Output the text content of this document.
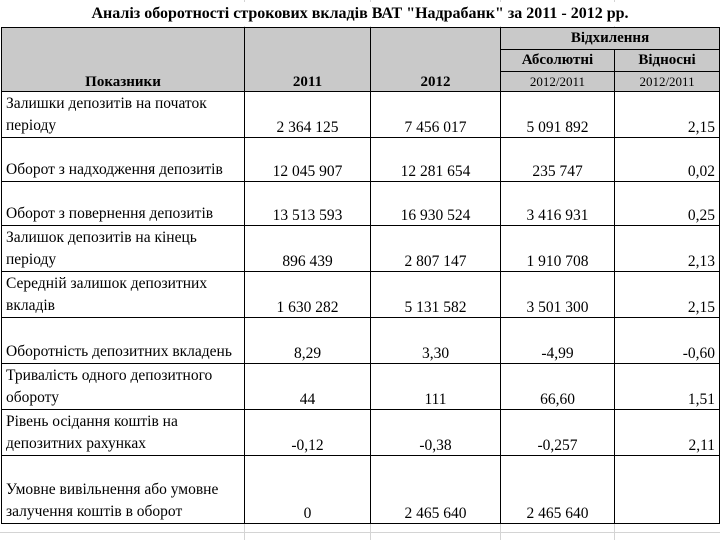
Аналіз оборотності строкових вкладів ВАТ "Надрабанк" за 2011 - 2012 рр.
Показники	2011	2012	Відхилення	
			Абсолютні	Відносні
			2012/2011	2012/2011
Залишки депозитів на початок періоду	2 364 125	7 456 017	5 091 892	2,15
Оборот з надходження депозитів	12 045 907	12 281 654	235 747	0,02
Оборот з повернення депозитів	13 513 593	16 930 524	3 416 931	0,25
Залишок депозитів на кінець періоду	896 439	2 807 147	1 910 708	2,13
Середній залишок депозитних вкладів	1 630 282	5 131 582	3 501 300	2,15
Оборотність депозитних вкладень	8,29	3,30	-4,99	-0,60
Тривалість одного депозитного обороту	44	111	66,60	1,51
Рівень осідання коштів на депозитних рахунках	-0,12	-0,38	-0,257	2,11
Умовне вивільнення або умовне залучення коштів в оборот	0	2 465 640	2 465 640	
